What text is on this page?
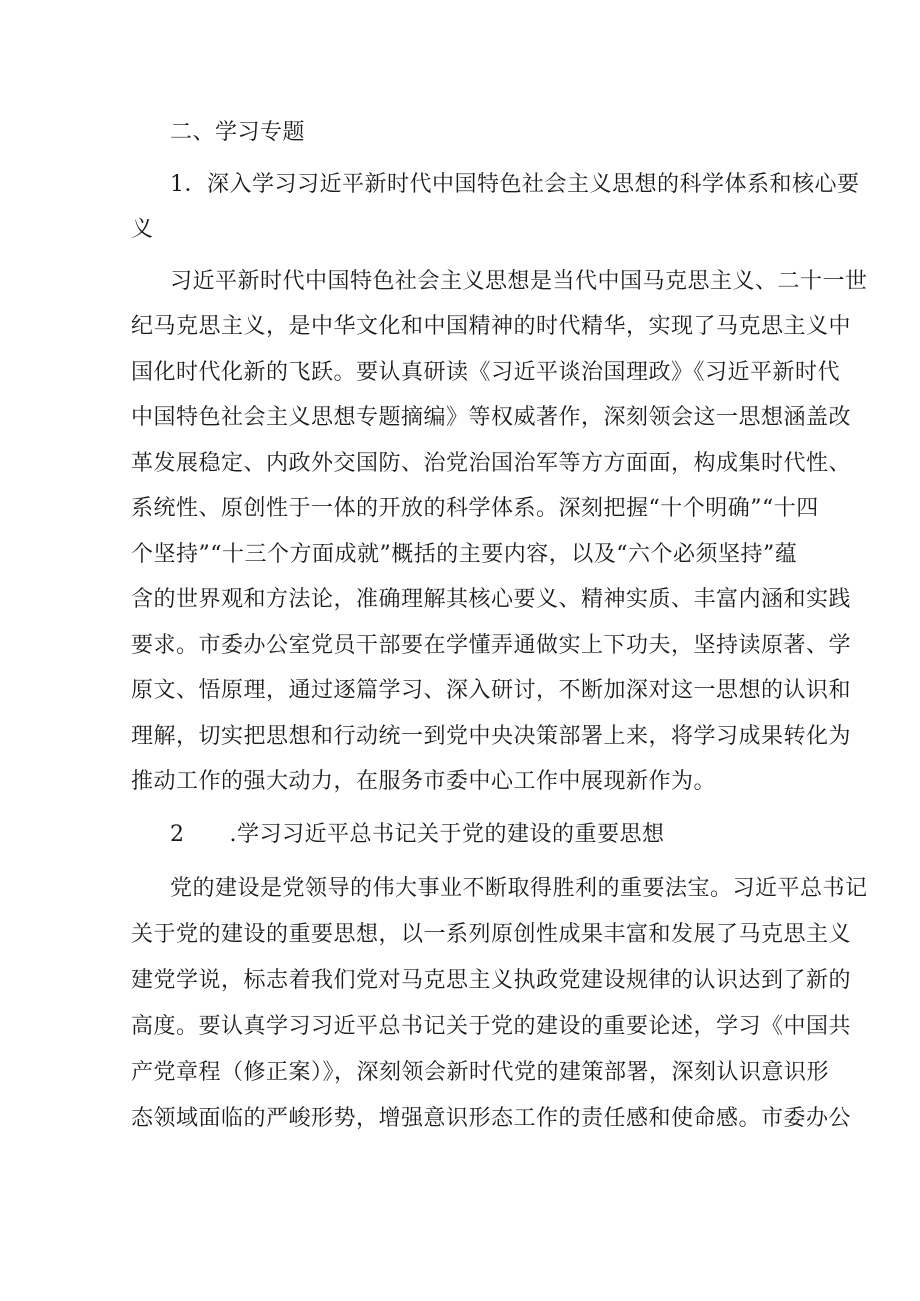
二、学习专题
1．深入学习习近平新时代中国特色社会主义思想的科学体系和核心要
义
习近平新时代中国特色社会主义思想是当代中国马克思主义、二十一世
纪马克思主义，是中华文化和中国精神的时代精华，实现了马克思主义中
国化时代化新的飞跃。要认真研读《习近平谈治国理政》《习近平新时代
中国特色社会主义思想专题摘编》等权威著作，深刻领会这一思想涵盖改
革发展稳定、内政外交国防、治党治国治军等方方面面，构成集时代性、
系统性、原创性于一体的开放的科学体系。深刻把握“十个明确”“十四
个坚持”“十三个方面成就”概括的主要内容，以及“六个必须坚持”蕴
含的世界观和方法论，准确理解其核心要义、精神实质、丰富内涵和实践
要求。市委办公室党员干部要在学懂弄通做实上下功夫，坚持读原著、学
原文、悟原理，通过逐篇学习、深入研讨，不断加深对这一思想的认识和
理解，切实把思想和行动统一到党中央决策部署上来，将学习成果转化为
推动工作的强大动力，在服务市委中心工作中展现新作为。
2　　.学习习近平总书记关于党的建设的重要思想
党的建设是党领导的伟大事业不断取得胜利的重要法宝。习近平总书记
关于党的建设的重要思想，以一系列原创性成果丰富和发展了马克思主义
建党学说，标志着我们党对马克思主义执政党建设规律的认识达到了新的
高度。要认真学习习近平总书记关于党的建设的重要论述，学习《中国共
产党章程（修正案）》，深刻领会新时代党的建策部署，深刻认识意识形
态领域面临的严峻形势，增强意识形态工作的责任感和使命感。市委办公
